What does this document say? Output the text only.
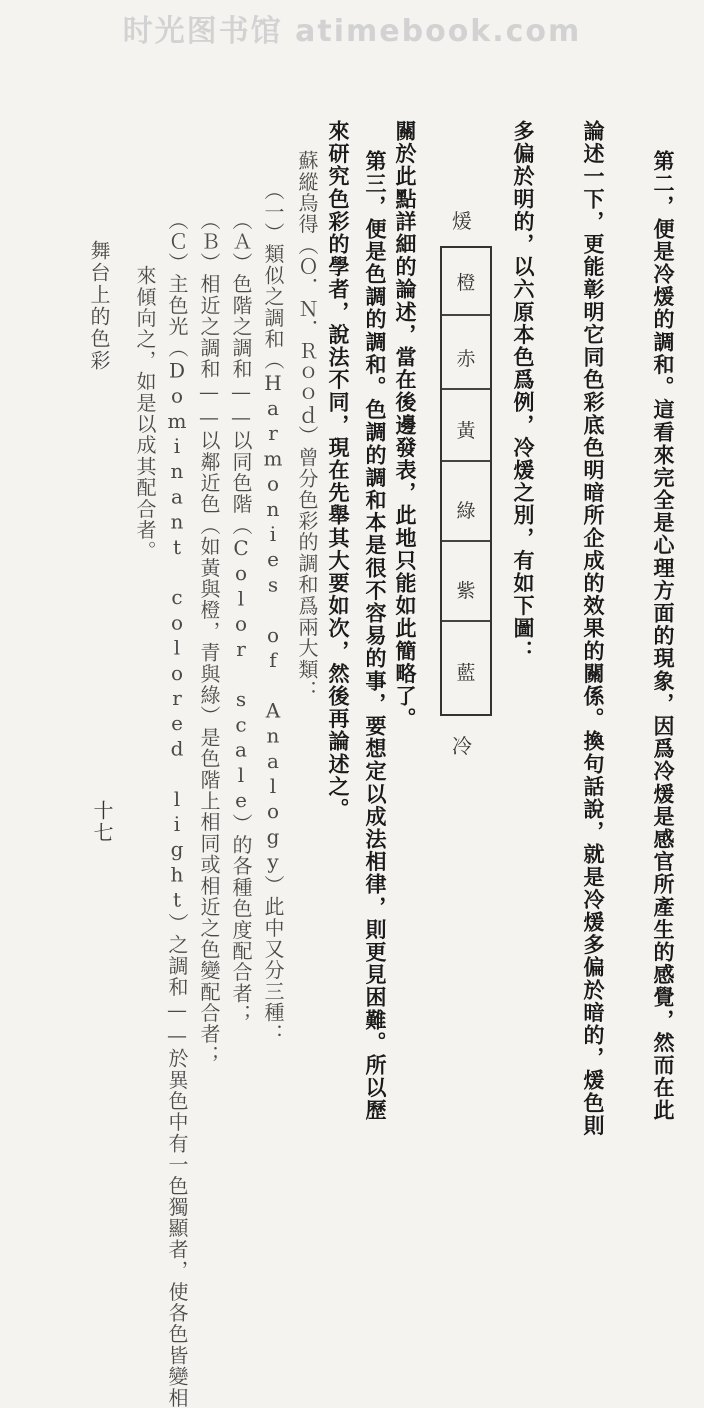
时光图书馆 atimebook.com
第二，便是冷煖的調和。這看來完全是心理方面的現象，因爲冷煖是感官所產生的感覺，然而在此
論述一下，更能彰明它同色彩底色明暗所企成的效果的關係。換句話說，就是冷煖多偏於暗的，煖色則
多偏於明的，以六原本色爲例，冷煖之別，有如下圖：
煖
橙
赤
黃
綠
紫
藍
冷
關於此點詳細的論述，當在後邊發表，此地只能如此簡略了。
第三，便是色調的調和。色調的調和本是很不容易的事，要想定以成法相律，則更見困難。所以歷
來研究色彩的學者，說法不同，現在先舉其大要如次，然後再論述之。
蘇縱烏得（Ｏ．Ｎ．Ｒｏｏｄ）曾分色彩的調和爲兩大類：
（一）類似之調和（Harmonies of Analogy）此中又分三種：
（Ａ）色階之調和——以同色階（Color scale）的各種色度配合者；
（Ｂ）相近之調和——以鄰近色（如黃與橙，青與綠）是色階上相同或相近之色變配合者；
（Ｃ）主色光（Dominant colored light）之調和——於異色中有一色獨顯者，使各色皆變相
來傾向之，如是以成其配合者。
舞台上的色彩
十七
